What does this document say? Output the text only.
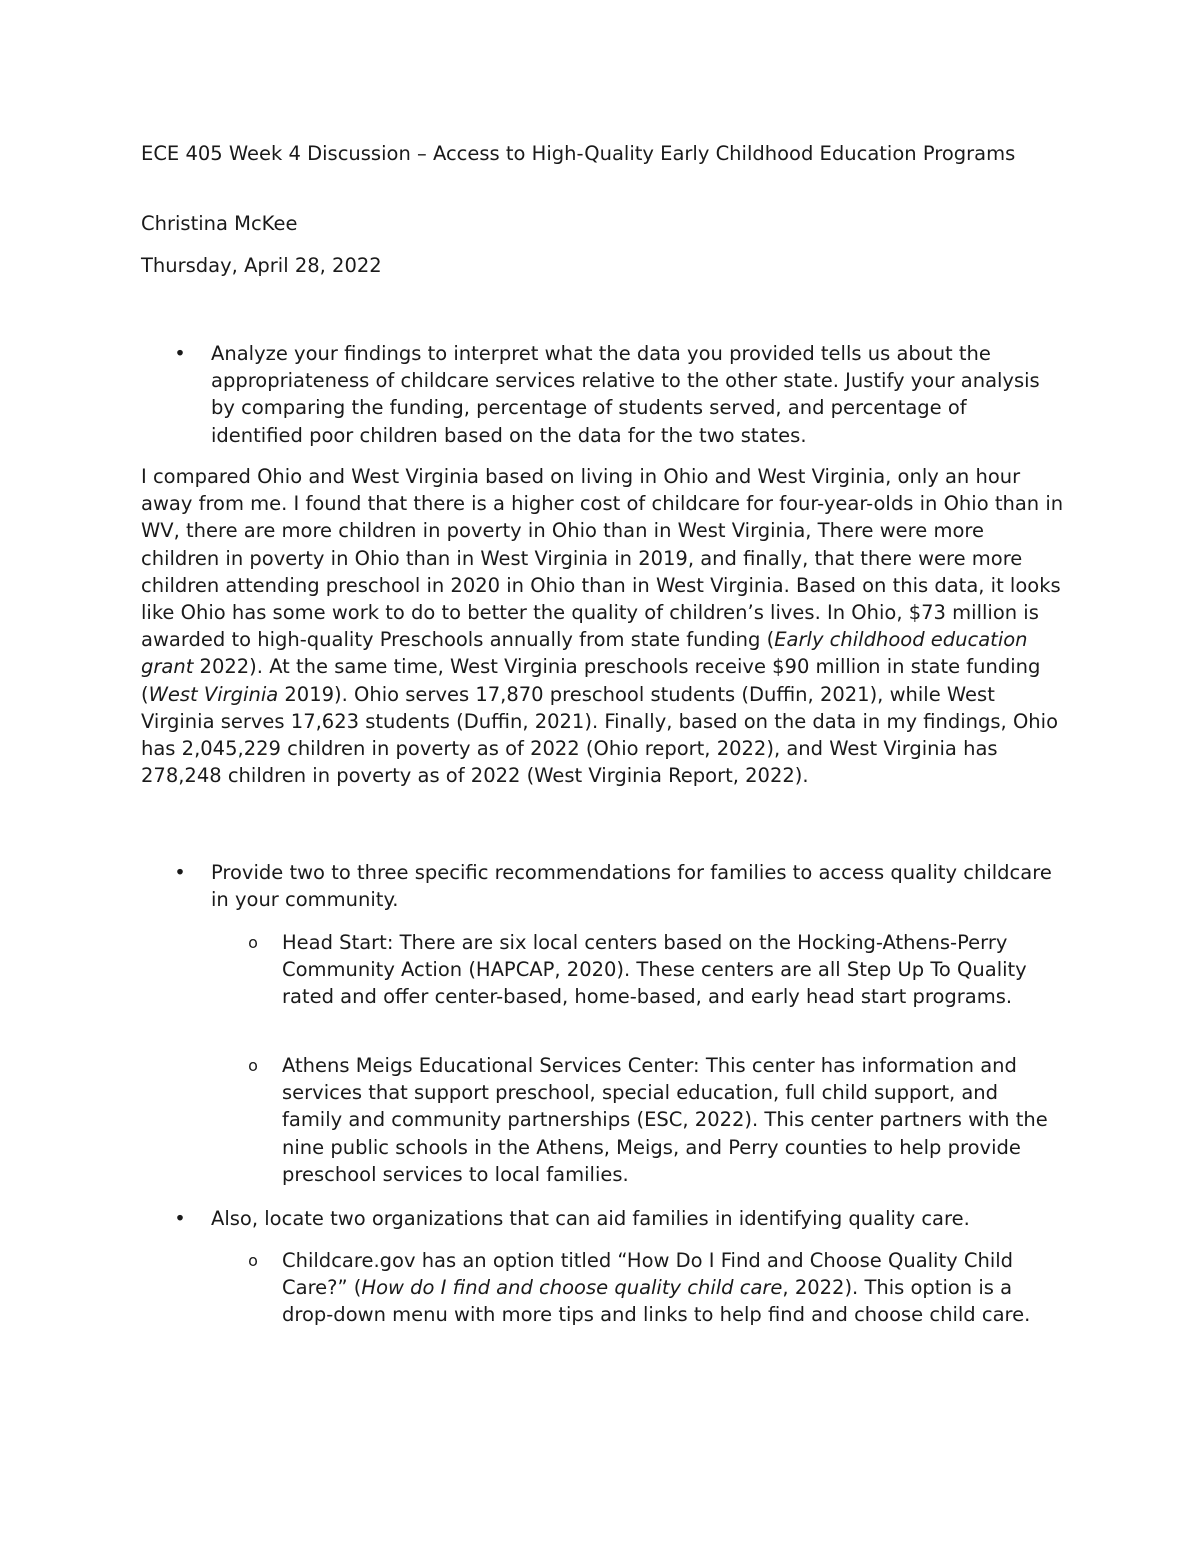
ECE 405 Week 4 Discussion – Access to High-Quality Early Childhood Education Programs

Christina McKee

Thursday, April 28, 2022

• Analyze your findings to interpret what the data you provided tells us about the appropriateness of childcare services relative to the other state. Justify your analysis by comparing the funding, percentage of students served, and percentage of identified poor children based on the data for the two states.

I compared Ohio and West Virginia based on living in Ohio and West Virginia, only an hour away from me. I found that there is a higher cost of childcare for four-year-olds in Ohio than in WV, there are more children in poverty in Ohio than in West Virginia, There were more children in poverty in Ohio than in West Virginia in 2019, and finally, that there were more children attending preschool in 2020 in Ohio than in West Virginia. Based on this data, it looks like Ohio has some work to do to better the quality of children’s lives. In Ohio, $73 million is awarded to high-quality Preschools annually from state funding (Early childhood education grant 2022). At the same time, West Virginia preschools receive $90 million in state funding (West Virginia 2019). Ohio serves 17,870 preschool students (Duffin, 2021), while West Virginia serves 17,623 students (Duffin, 2021). Finally, based on the data in my findings, Ohio has 2,045,229 children in poverty as of 2022 (Ohio report, 2022), and West Virginia has 278,248 children in poverty as of 2022 (West Virginia Report, 2022).

• Provide two to three specific recommendations for families to access quality childcare in your community.

o Head Start: There are six local centers based on the Hocking-Athens-Perry Community Action (HAPCAP, 2020). These centers are all Step Up To Quality rated and offer center-based, home-based, and early head start programs.

o Athens Meigs Educational Services Center: This center has information and services that support preschool, special education, full child support, and family and community partnerships (ESC, 2022). This center partners with the nine public schools in the Athens, Meigs, and Perry counties to help provide preschool services to local families.

• Also, locate two organizations that can aid families in identifying quality care.

o Childcare.gov has an option titled “How Do I Find and Choose Quality Child Care?” (How do I find and choose quality child care, 2022). This option is a drop-down menu with more tips and links to help find and choose child care.
